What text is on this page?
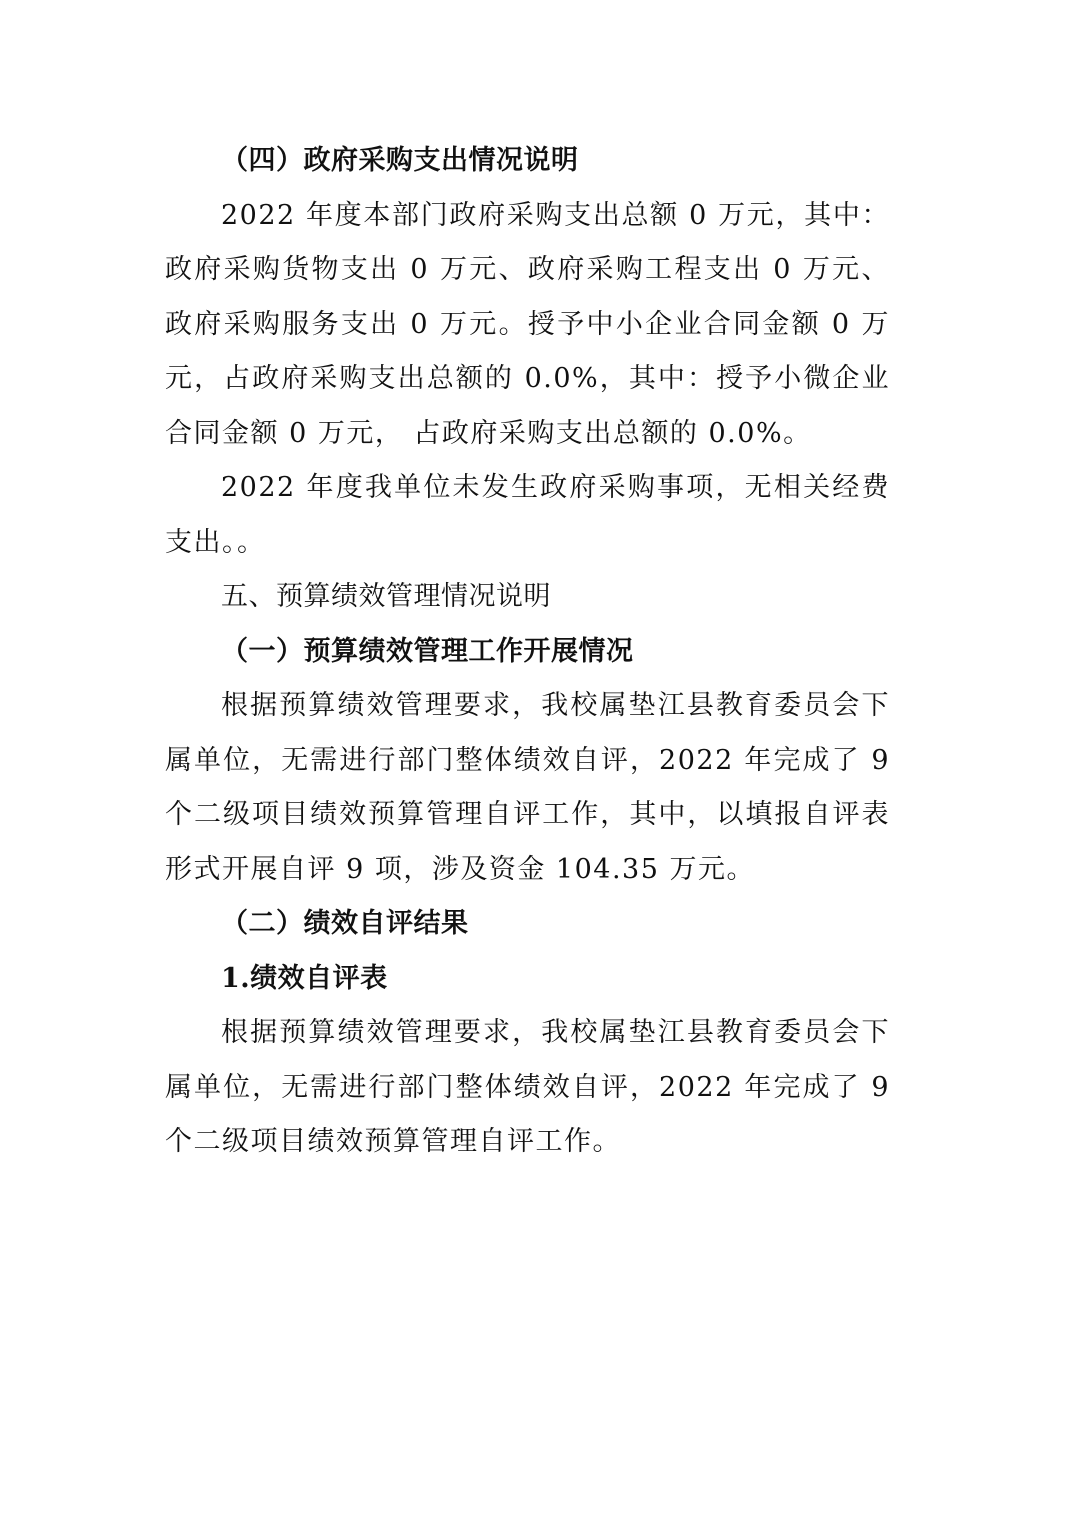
（四）政府采购支出情况说明

2022 年度本部门政府采购支出总额 0 万元，其中：政府采购货物支出 0 万元、政府采购工程支出 0 万元、政府采购服务支出 0 万元。授予中小企业合同金额 0 万元，占政府采购支出总额的 0.0%，其中：授予小微企业合同金额 0 万元， 占政府采购支出总额的 0.0%。

2022 年度我单位未发生政府采购事项，无相关经费支出。。

五、预算绩效管理情况说明

（一）预算绩效管理工作开展情况

根据预算绩效管理要求，我校属垫江县教育委员会下属单位，无需进行部门整体绩效自评，2022 年完成了 9 个二级项目绩效预算管理自评工作，其中，以填报自评表形式开展自评 9 项，涉及资金 104.35 万元。

（二）绩效自评结果

1.绩效自评表

根据预算绩效管理要求，我校属垫江县教育委员会下属单位，无需进行部门整体绩效自评，2022 年完成了 9 个二级项目绩效预算管理自评工作。
